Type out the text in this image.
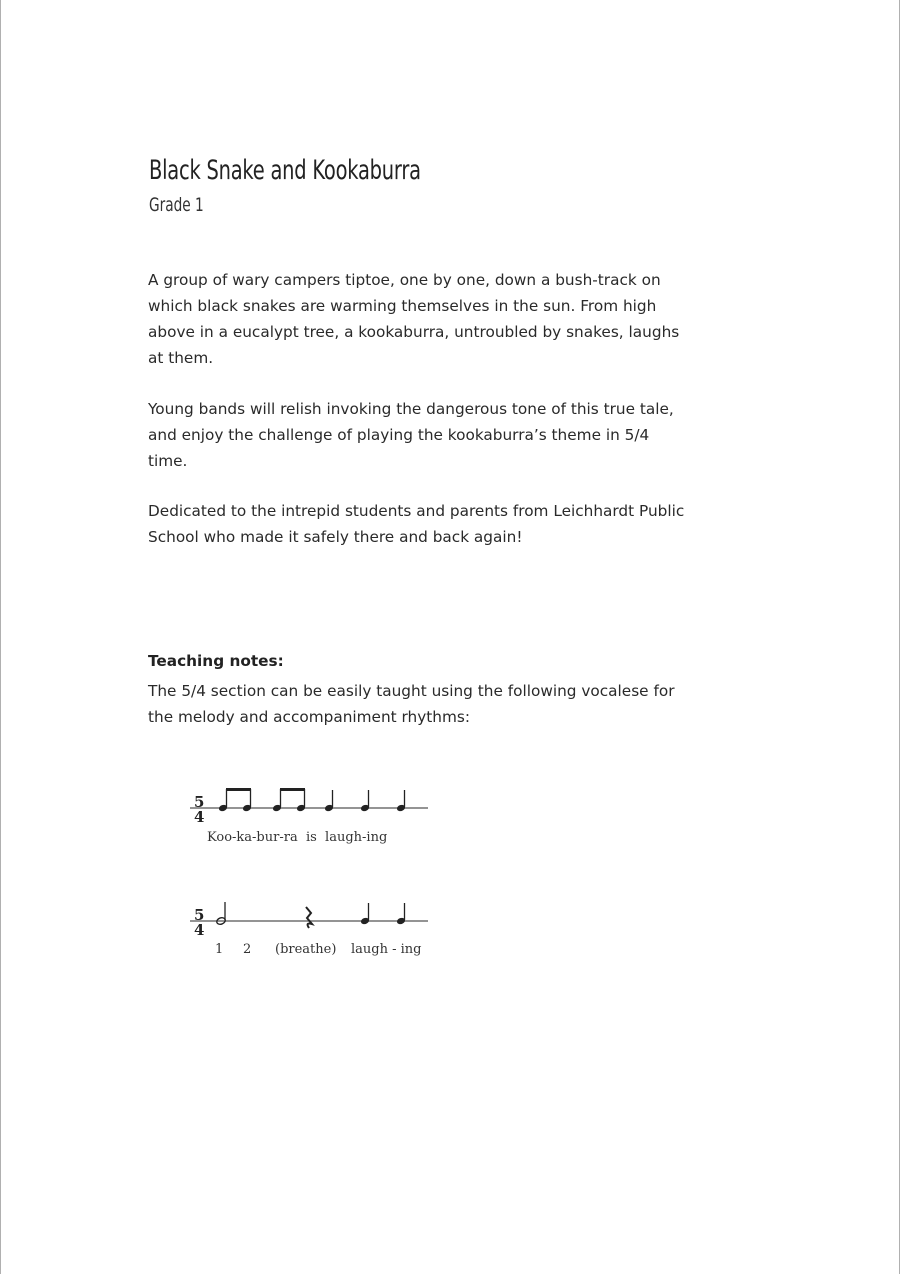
Black Snake and Kookaburra
Grade 1

A group of wary campers tiptoe, one by one, down a bush-track on which black snakes are warming themselves in the sun. From high above in a eucalypt tree, a kookaburra, untroubled by snakes, laughs at them.

Young bands will relish invoking the dangerous tone of this true tale, and enjoy the challenge of playing the kookaburra’s theme in 5/4 time.

Dedicated to the intrepid students and parents from Leichhardt Public School who made it safely there and back again!

Teaching notes:

The 5/4 section can be easily taught using the following vocalese for the melody and accompaniment rhythms:

5
4
Koo-ka-bur-ra  is  laugh-ing
5
4
1 2 (breathe) laugh - ing
